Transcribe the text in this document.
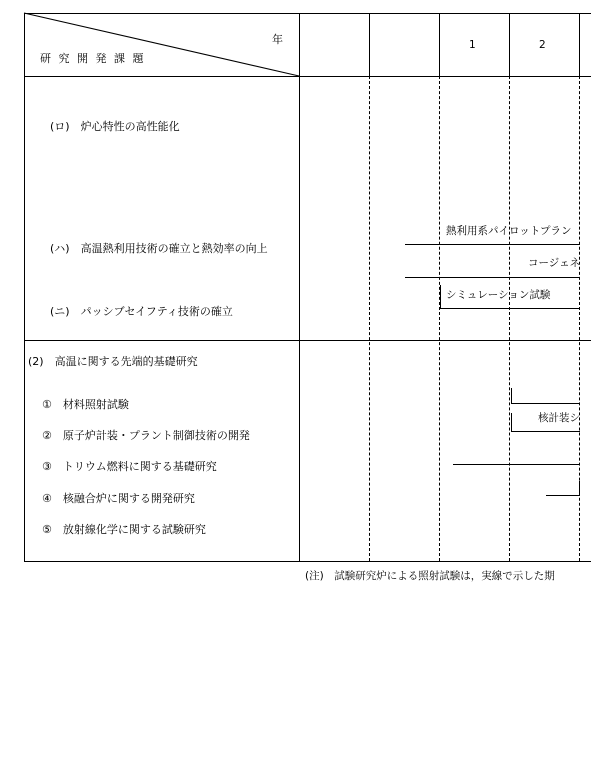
年
研 究 開 発 課 題
1	2
(ロ)　炉心特性の高性能化
(ハ)　高温熱利用技術の確立と熱効率の向上
(ニ)　パッシブセイフティ技術の確立
(2)　高温に関する先端的基礎研究
①　材料照射試験
②　原子炉計装・プラント制御技術の開発
③　トリウム燃料に関する基礎研究
④　核融合炉に関する開発研究
⑤　放射線化学に関する試験研究
熱利用系パイロットプラン
コージェネ
シミュレーション試験
核計装シ
(注)　試験研究炉による照射試験は，実線で示した期
